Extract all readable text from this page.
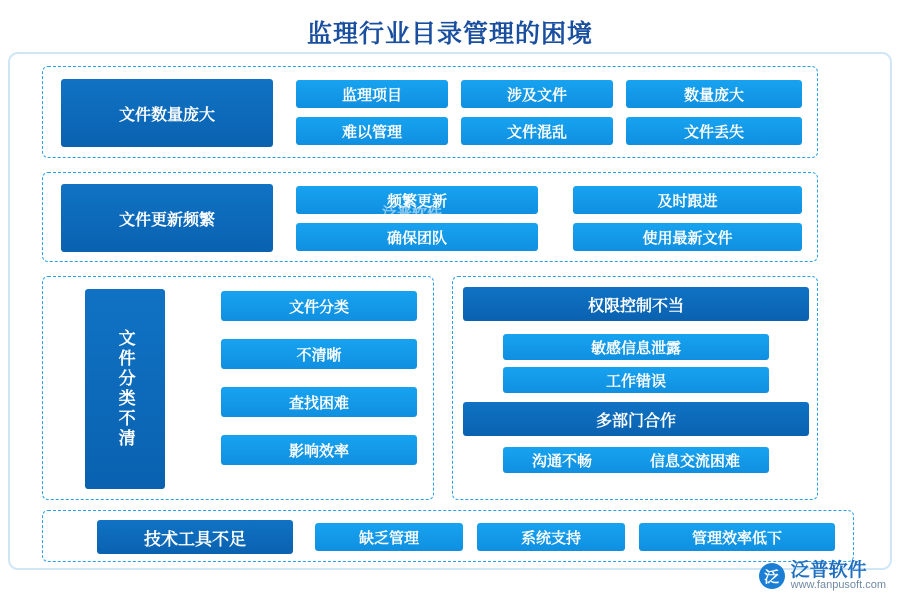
监理行业目录管理的困境
文件数量庞大
监理项目	涉及文件	数量庞大
难以管理	文件混乱	文件丢失
文件更新频繁
频繁更新	及时跟进
确保团队	使用最新文件
文件分类不清
文件分类
不清晰
查找困难
影响效率
权限控制不当
敏感信息泄露
工作错误
多部门合作
沟通不畅	信息交流困难
技术工具不足	缺乏管理	系统支持	管理效率低下
泛普软件
泛 泛普软件
www.fanpusoft.com
